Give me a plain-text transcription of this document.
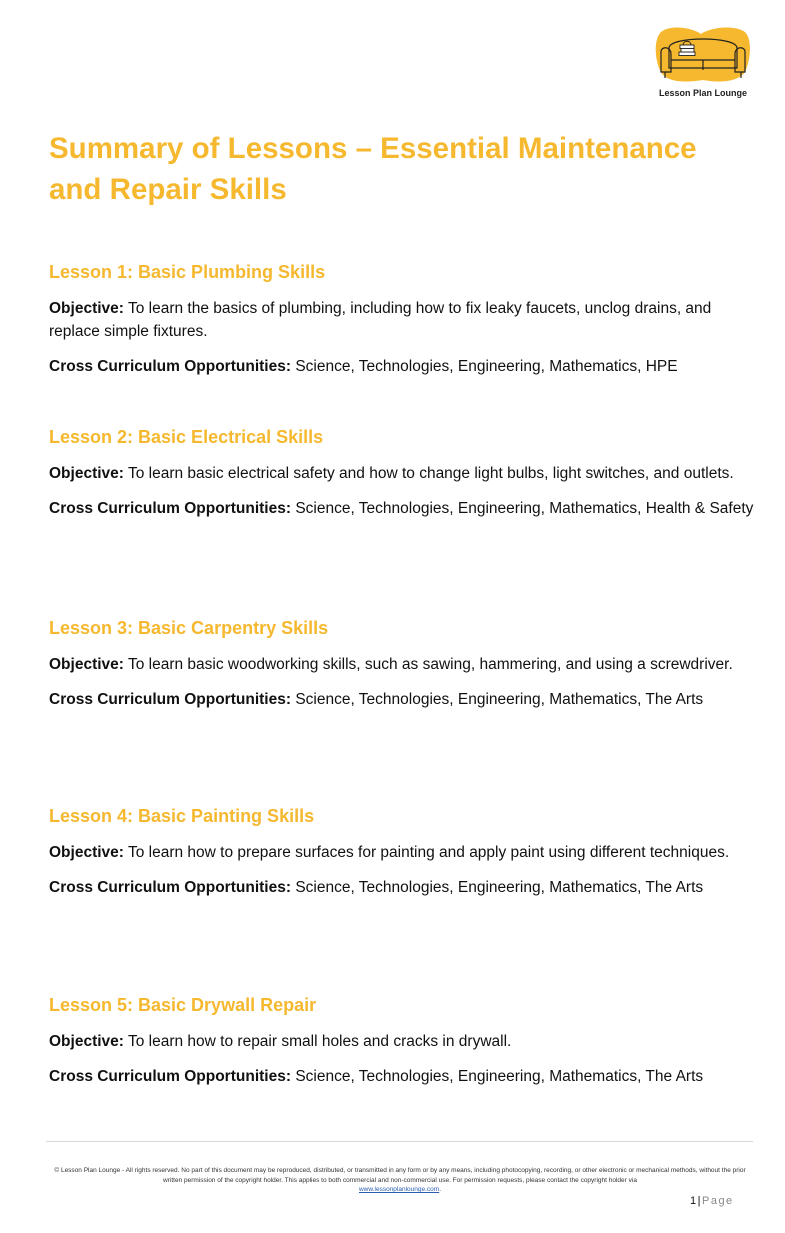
Lesson Plan Lounge
Summary of Lessons – Essential Maintenance and Repair Skills
Lesson 1: Basic Plumbing Skills

Objective: To learn the basics of plumbing, including how to fix leaky faucets, unclog drains, and replace simple fixtures.

Cross Curriculum Opportunities: Science, Technologies, Engineering, Mathematics, HPE

Lesson 2: Basic Electrical Skills

Objective: To learn basic electrical safety and how to change light bulbs, light switches, and outlets.

Cross Curriculum Opportunities: Science, Technologies, Engineering, Mathematics, Health & Safety

Lesson 3: Basic Carpentry Skills

Objective: To learn basic woodworking skills, such as sawing, hammering, and using a screwdriver.

Cross Curriculum Opportunities: Science, Technologies, Engineering, Mathematics, The Arts

Lesson 4: Basic Painting Skills

Objective: To learn how to prepare surfaces for painting and apply paint using different techniques.

Cross Curriculum Opportunities: Science, Technologies, Engineering, Mathematics, The Arts

Lesson 5: Basic Drywall Repair

Objective: To learn how to repair small holes and cracks in drywall.

Cross Curriculum Opportunities: Science, Technologies, Engineering, Mathematics, The Arts

© Lesson Plan Lounge - All rights reserved. No part of this document may be reproduced, distributed, or transmitted in any form or by any means, including photocopying, recording, or other electronic or mechanical methods, without the prior written permission of the copyright holder. This applies to both commercial and non-commercial use. For permission requests, please contact the copyright holder via
www.lessonplanlounge.com.
1|Page
